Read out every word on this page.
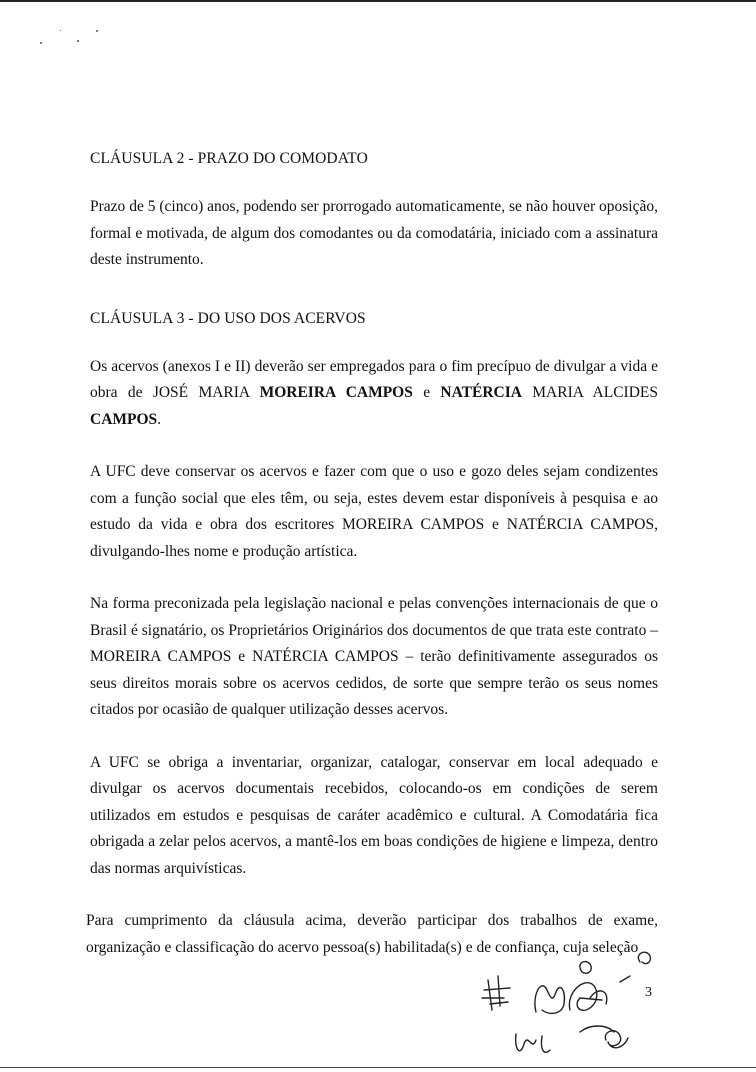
CLÁUSULA 2 - PRAZO DO COMODATO

Prazo de 5 (cinco) anos, podendo ser prorrogado automaticamente, se não houver oposição, formal e motivada, de algum dos comodantes ou da comodatária, iniciado com a assinatura deste instrumento.

CLÁUSULA 3 - DO USO DOS ACERVOS

Os acervos (anexos I e II) deverão ser empregados para o fim precípuo de divulgar a vida e obra de JOSÉ MARIA MOREIRA CAMPOS e NATÉRCIA MARIA ALCIDES CAMPOS.

A UFC deve conservar os acervos e fazer com que o uso e gozo deles sejam condizentes com a função social que eles têm, ou seja, estes devem estar disponíveis à pesquisa e ao estudo da vida e obra dos escritores MOREIRA CAMPOS e NATÉRCIA CAMPOS, divulgando-lhes nome e produção artística.

Na forma preconizada pela legislação nacional e pelas convenções internacionais de que o Brasil é signatário, os Proprietários Originários dos documentos de que trata este contrato – MOREIRA CAMPOS e NATÉRCIA CAMPOS – terão definitivamente assegurados os seus direitos morais sobre os acervos cedidos, de sorte que sempre terão os seus nomes citados por ocasião de qualquer utilização desses acervos.

A UFC se obriga a inventariar, organizar, catalogar, conservar em local adequado e divulgar os acervos documentais recebidos, colocando-os em condições de serem utilizados em estudos e pesquisas de caráter acadêmico e cultural. A Comodatária fica obrigada a zelar pelos acervos, a mantê-los em boas condições de higiene e limpeza, dentro das normas arquivísticas.

Para cumprimento da cláusula acima, deverão participar dos trabalhos de exame, organização e classificação do acervo pessoa(s) habilitada(s) e de confiança, cuja seleção

3
